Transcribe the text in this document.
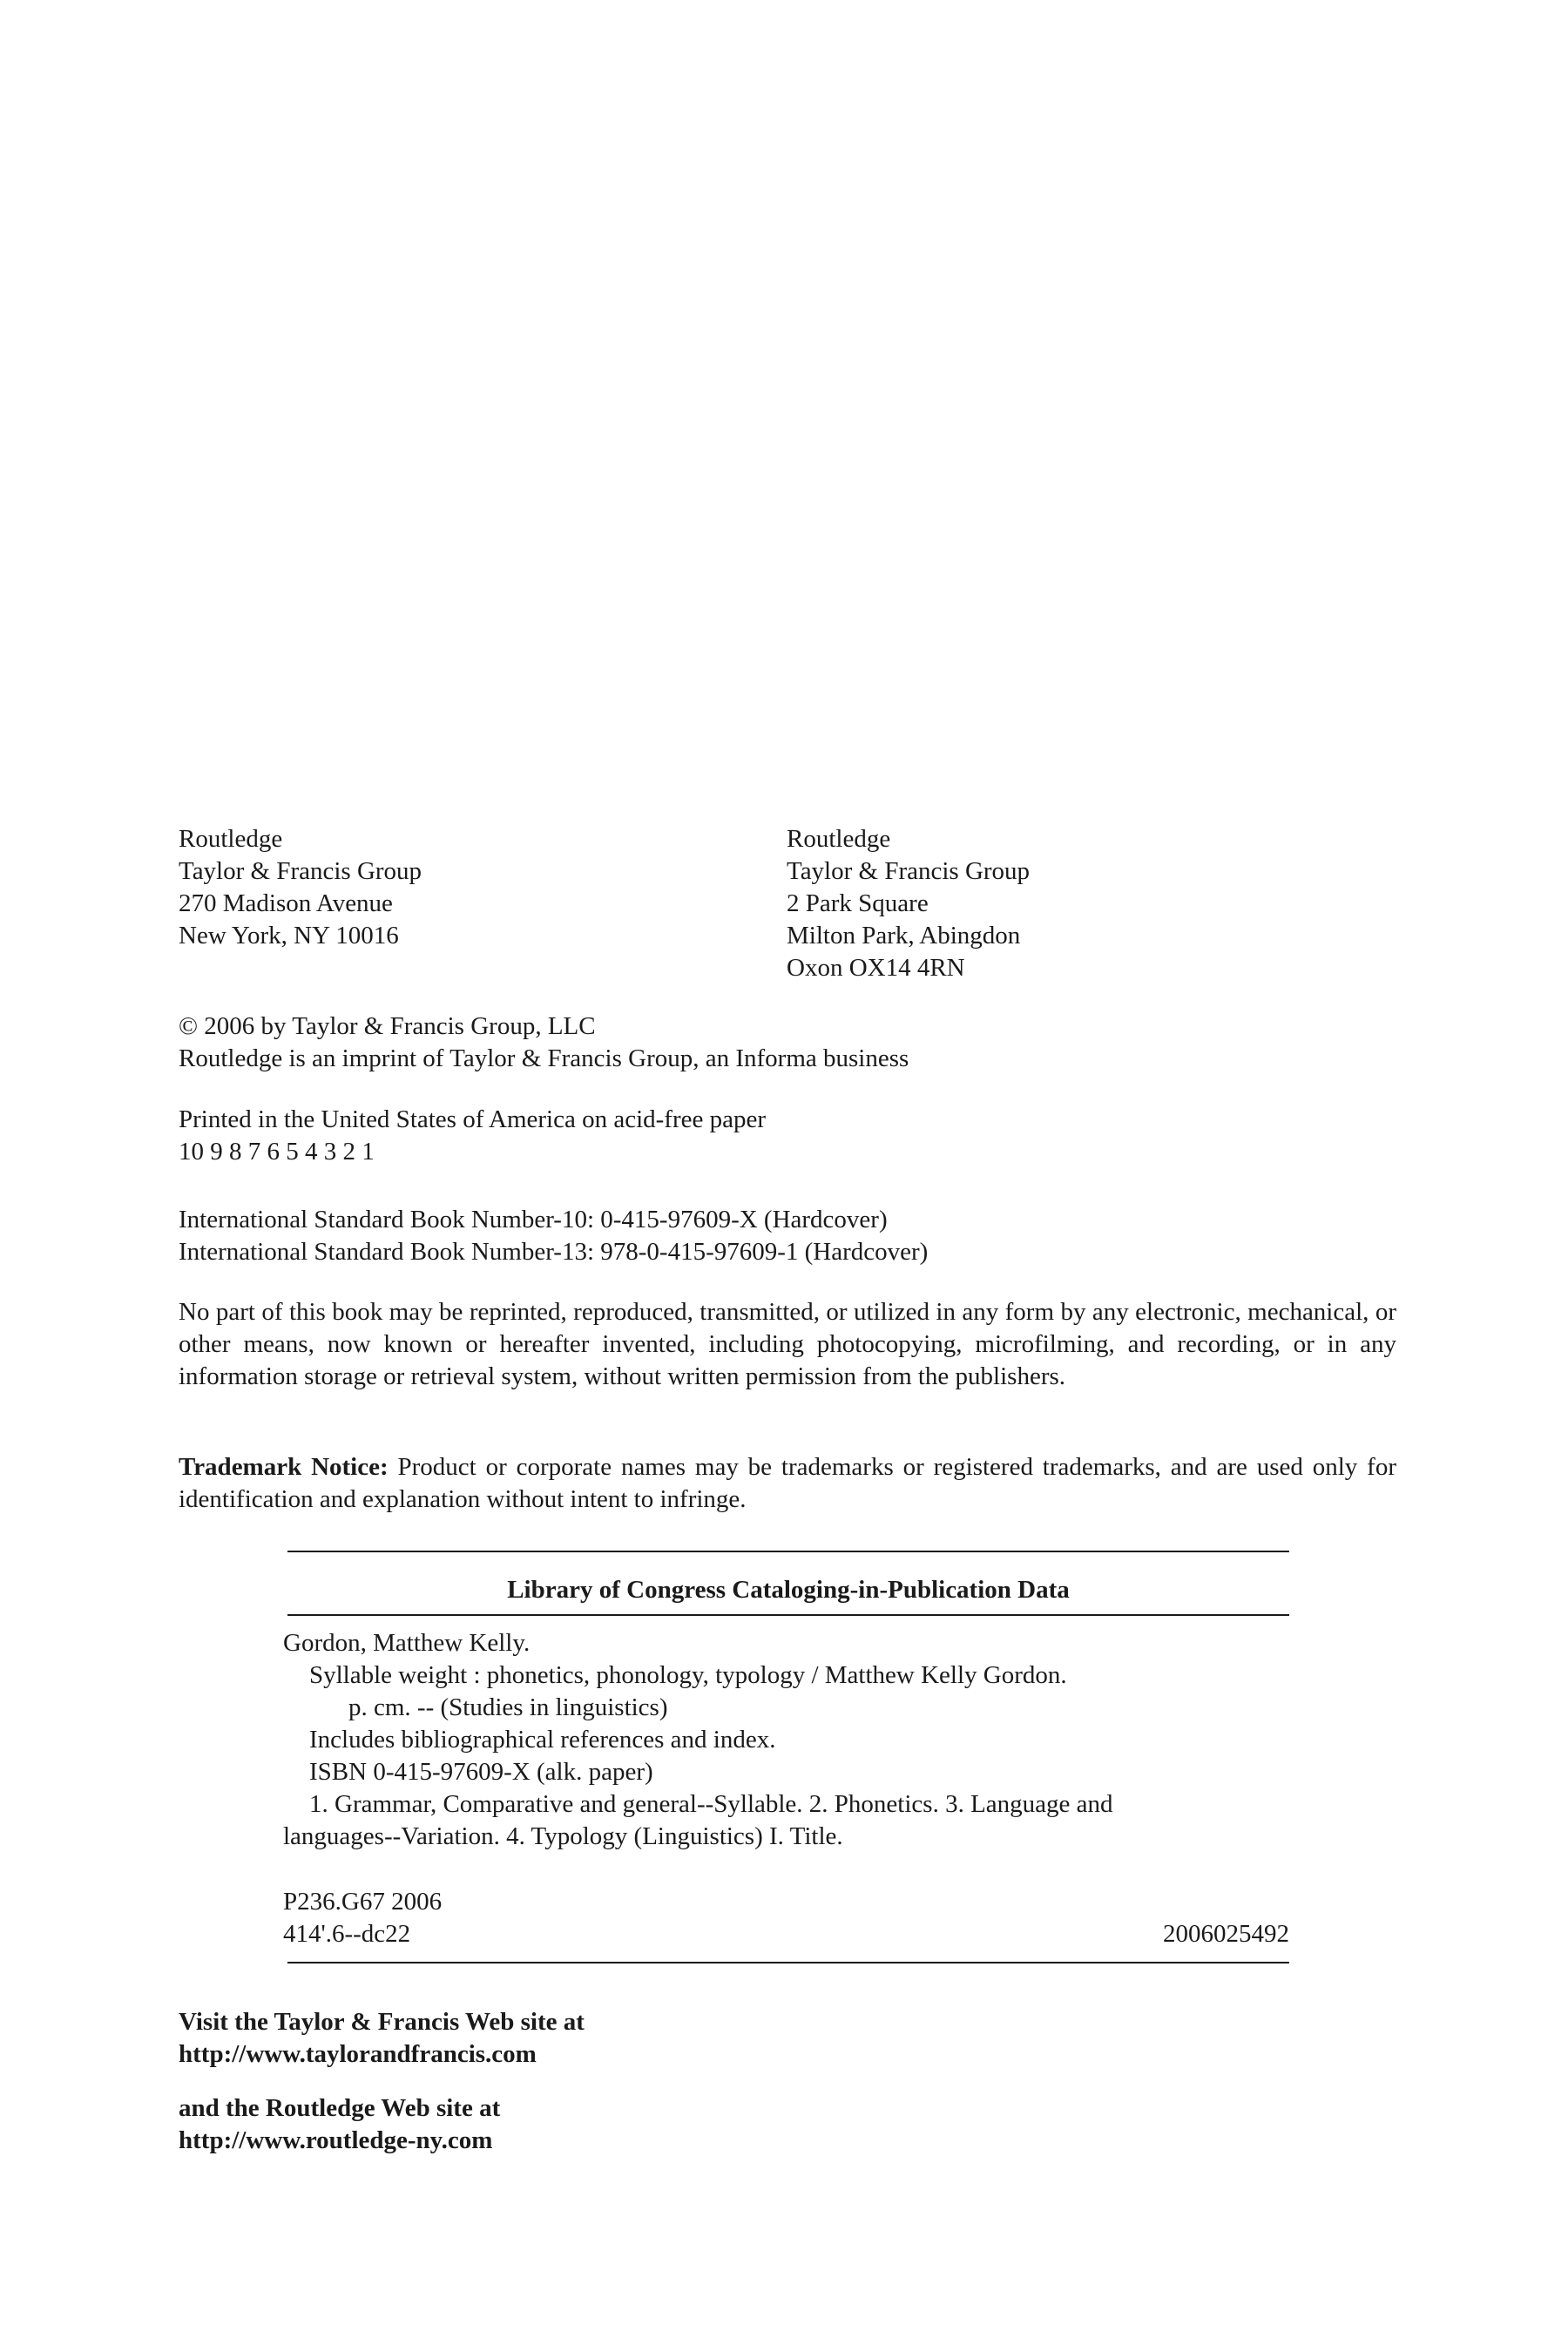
Routledge
Taylor & Francis Group
270 Madison Avenue
New York, NY 10016
Routledge
Taylor & Francis Group
2 Park Square
Milton Park, Abingdon
Oxon OX14 4RN
© 2006 by Taylor & Francis Group, LLC
Routledge is an imprint of Taylor & Francis Group, an Informa business
Printed in the United States of America on acid-free paper
10 9 8 7 6 5 4 3 2 1
International Standard Book Number-10: 0-415-97609-X (Hardcover)
International Standard Book Number-13: 978-0-415-97609-1 (Hardcover)
No part of this book may be reprinted, reproduced, transmitted, or utilized in any form by any electronic, mechanical, or other means, now known or hereafter invented, including photocopying, microfilming, and recording, or in any information storage or retrieval system, without written permission from the publishers.
Trademark Notice: Product or corporate names may be trademarks or registered trademarks, and are used only for identification and explanation without intent to infringe.
Library of Congress Cataloging-in-Publication Data
Gordon, Matthew Kelly.
Syllable weight : phonetics, phonology, typology / Matthew Kelly Gordon.
p. cm. -- (Studies in linguistics)
Includes bibliographical references and index.
ISBN 0-415-97609-X (alk. paper)
1. Grammar, Comparative and general--Syllable. 2. Phonetics. 3. Language and
languages--Variation. 4. Typology (Linguistics) I. Title.
P236.G67 2006
414'.6--dc22	2006025492
Visit the Taylor & Francis Web site at
http://www.taylorandfrancis.com
and the Routledge Web site at
http://www.routledge-ny.com
